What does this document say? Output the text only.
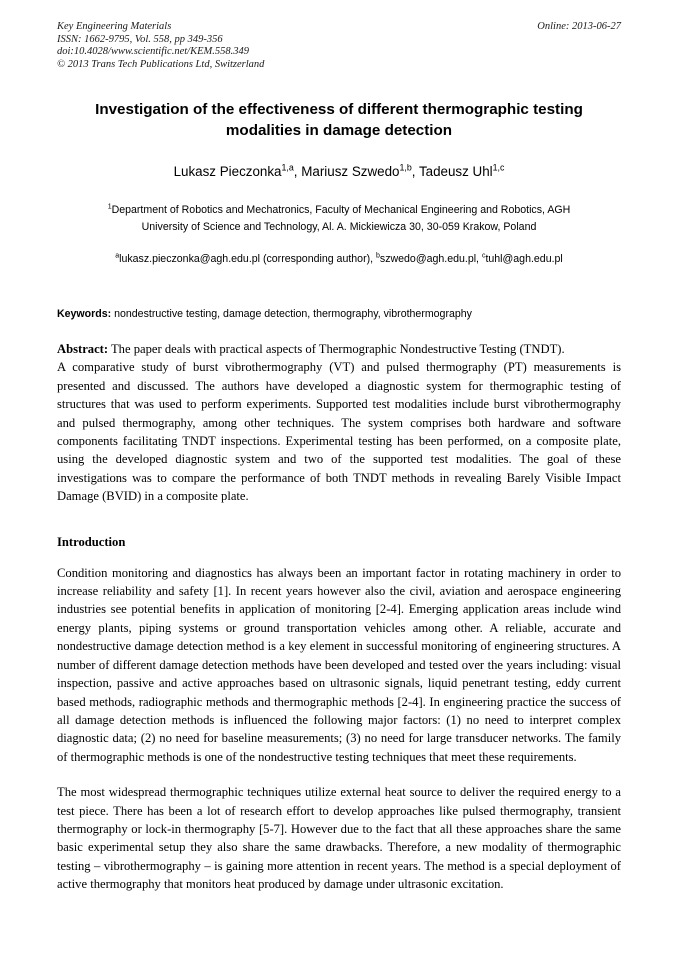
Key Engineering Materials
ISSN: 1662-9795, Vol. 558, pp 349-356
doi:10.4028/www.scientific.net/KEM.558.349
© 2013 Trans Tech Publications Ltd, Switzerland
Online: 2013-06-27
Investigation of the effectiveness of different thermographic testing modalities in damage detection
Lukasz Pieczonka$^{1,a}$, Mariusz Szwedo$^{1,b}$, Tadeusz Uhl$^{1,c}$
$^1$Department of Robotics and Mechatronics, Faculty of Mechanical Engineering and Robotics, AGH University of Science and Technology, Al. A. Mickiewicza 30, 30-059 Krakow, Poland
$^a$lukasz.pieczonka@agh.edu.pl (corresponding author), $^b$szwedo@agh.edu.pl, $^c$tuhl@agh.edu.pl
Keywords: nondestructive testing, damage detection, thermography, vibrothermography
Abstract: The paper deals with practical aspects of Thermographic Nondestructive Testing (TNDT).
A comparative study of burst vibrothermography (VT) and pulsed thermography (PT) measurements is presented and discussed. The authors have developed a diagnostic system for thermographic testing of structures that was used to perform experiments. Supported test modalities include burst vibrothermography and pulsed thermography, among other techniques. The system comprises both hardware and software components facilitating TNDT inspections. Experimental testing has been performed, on a composite plate, using the developed diagnostic system and two of the supported test modalities. The goal of these investigations was to compare the performance of both TNDT methods in revealing Barely Visible Impact Damage (BVID) in a composite plate.
Introduction
Condition monitoring and diagnostics has always been an important factor in rotating machinery in order to increase reliability and safety [1]. In recent years however also the civil, aviation and aerospace engineering industries see potential benefits in application of monitoring [2-4]. Emerging application areas include wind energy plants, piping systems or ground transportation vehicles among other. A reliable, accurate and nondestructive damage detection method is a key element in successful monitoring of engineering structures. A number of different damage detection methods have been developed and tested over the years including: visual inspection, passive and active approaches based on ultrasonic signals, liquid penetrant testing, eddy current based methods, radiographic methods and thermographic methods [2-4]. In engineering practice the success of all damage detection methods is influenced the following major factors: (1) no need to interpret complex diagnostic data; (2) no need for baseline measurements; (3) no need for large transducer networks. The family of thermographic methods is one of the nondestructive testing techniques that meet these requirements.
The most widespread thermographic techniques utilize external heat source to deliver the required energy to a test piece. There has been a lot of research effort to develop approaches like pulsed thermography, transient thermography or lock-in thermography [5-7]. However due to the fact that all these approaches share the same basic experimental setup they also share the same drawbacks. Therefore, a new modality of thermographic testing – vibrothermography – is gaining more attention in recent years. The method is a special deployment of active thermography that monitors heat produced by damage under ultrasonic excitation.
